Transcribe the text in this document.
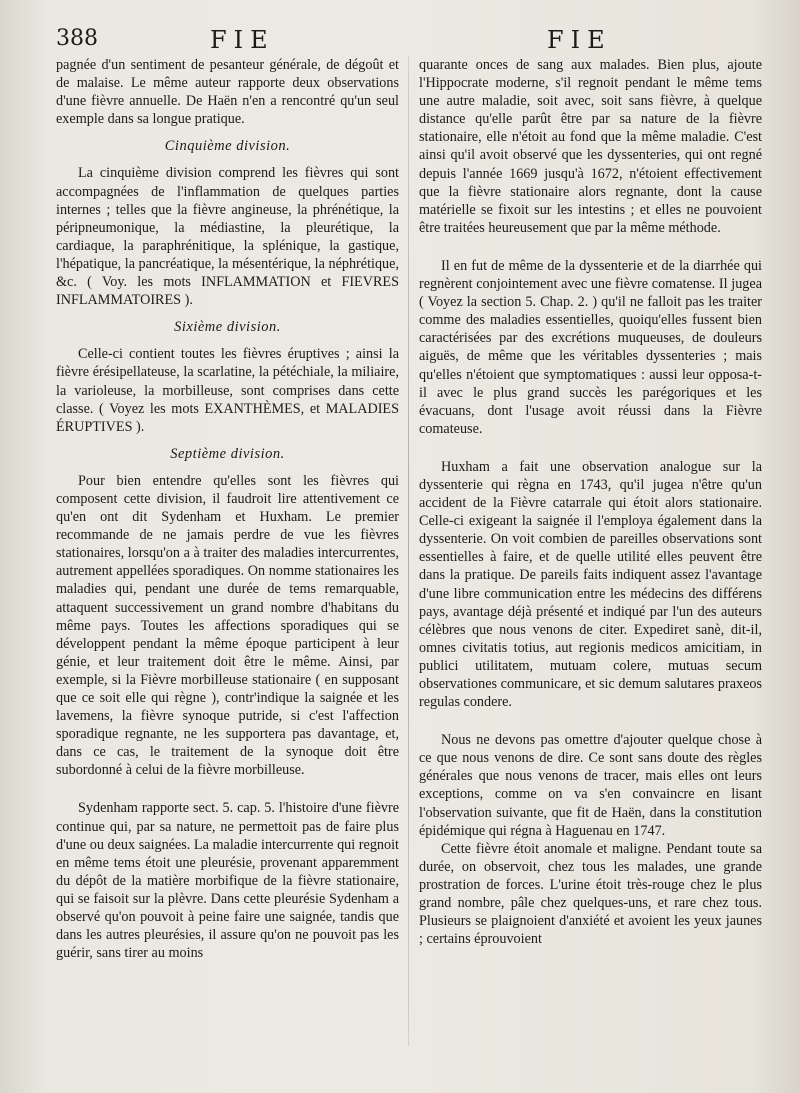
388	FIE	FIE

pagnée d'un sentiment de pesanteur générale, de dégoût et de malaise. Le même auteur rapporte deux observations d'une fièvre annuelle. De Haën n'en a rencontré qu'un seul exemple dans sa longue pratique.

Cinquième division.

La cinquième division comprend les fièvres qui sont accompagnées de l'inflammation de quelques parties internes ; telles que la fièvre angineuse, la phrénétique, la péripneumonique, la médiastine, la pleurétique, la cardiaque, la paraphrénitique, la splénique, la gastique, l'hépatique, la pancréatique, la mésentérique, la néphrétique, &c. ( Voy. les mots INFLAMMATION et FIEVRES INFLAMMATOIRES ).

Sixième division.

Celle-ci contient toutes les fièvres éruptives ; ainsi la fièvre érésipellateuse, la scarlatine, la pétéchiale, la miliaire, la varioleuse, la morbilleuse, sont comprises dans cette classe. ( Voyez les mots EXANTHÈMES, et MALADIES ÉRUPTIVES ).

Septième division.

Pour bien entendre qu'elles sont les fièvres qui composent cette division, il faudroit lire attentivement ce qu'en ont dit Sydenham et Huxham. Le premier recommande de ne jamais perdre de vue les fièvres stationaires, lorsqu'on a à traiter des maladies intercurrentes, autrement appellées sporadiques. On nomme stationaires les maladies qui, pendant une durée de tems remarquable, attaquent successivement un grand nombre d'habitans du même pays. Toutes les affections sporadiques qui se développent pendant la même époque participent à leur génie, et leur traitement doit être le même. Ainsi, par exemple, si la Fièvre morbilleuse stationaire ( en supposant que ce soit elle qui règne ), contr'indique la saignée et les lavemens, la fièvre synoque putride, si c'est l'affection sporadique regnante, ne les supportera pas davantage, et, dans ce cas, le traitement de la synoque doit être subordonné à celui de la fièvre morbilleuse.

Sydenham rapporte sect. 5. cap. 5. l'histoire d'une fièvre continue qui, par sa nature, ne permettoit pas de faire plus d'une ou deux saignées. La maladie intercurrente qui regnoit en même tems étoit une pleurésie, provenant apparemment du dépôt de la matière morbifique de la fièvre stationaire, qui se faisoit sur la plèvre. Dans cette pleurésie Sydenham a observé qu'on pouvoit à peine faire une saignée, tandis que dans les autres pleurésies, il assure qu'on ne pouvoit pas les guérir, sans tirer au moins

quarante onces de sang aux malades. Bien plus, ajoute l'Hippocrate moderne, s'il regnoit pendant le même tems une autre maladie, soit avec, soit sans fièvre, à quelque distance qu'elle parût être par sa nature de la fièvre stationaire, elle n'étoit au fond que la même maladie. C'est ainsi qu'il avoit observé que les dyssenteries, qui ont regné depuis l'année 1669 jusqu'à 1672, n'étoient effectivement que la fièvre stationaire alors regnante, dont la cause matérielle se fixoit sur les intestins ; et elles ne pouvoient être traitées heureusement que par la même méthode.

Il en fut de même de la dyssenterie et de la diarrhée qui regnèrent conjointement avec une fièvre comatense. Il jugea ( Voyez la section 5. Chap. 2. ) qu'il ne falloit pas les traiter comme des maladies essentielles, quoiqu'elles fussent bien caractérisées par des excrétions muqueuses, de douleurs aiguës, de même que les véritables dyssenteries ; mais qu'elles n'étoient que symptomatiques : aussi leur opposa-t-il avec le plus grand succès les parégoriques et les évacuans, dont l'usage avoit réussi dans la Fièvre comateuse.

Huxham a fait une observation analogue sur la dyssenterie qui règna en 1743, qu'il jugea n'être qu'un accident de la Fièvre catarrale qui étoit alors stationaire. Celle-ci exigeant la saignée il l'employa également dans la dyssenterie. On voit combien de pareilles observations sont essentielles à faire, et de quelle utilité elles peuvent être dans la pratique. De pareils faits indiquent assez l'avantage d'une libre communication entre les médecins des différens pays, avantage déjà présenté et indiqué par l'un des auteurs célèbres que nous venons de citer. Expediret sanè, dit-il, omnes civitatis totius, aut regionis medicos amicitiam, in publici utilitatem, mutuam colere, mutuas secum observationes communicare, et sic demum salutares praxeos regulas condere.

Nous ne devons pas omettre d'ajouter quelque chose à ce que nous venons de dire. Ce sont sans doute des règles générales que nous venons de tracer, mais elles ont leurs exceptions, comme on va s'en convaincre en lisant l'observation suivante, que fit de Haën, dans la constitution épidémique qui régna à Haguenau en 1747.

Cette fièvre étoit anomale et maligne. Pendant toute sa durée, on observoit, chez tous les malades, une grande prostration de forces. L'urine étoit très-rouge chez le plus grand nombre, pâle chez quelques-uns, et rare chez tous. Plusieurs se plaignoient d'anxiété et avoient les yeux jaunes ; certains éprouvoient
